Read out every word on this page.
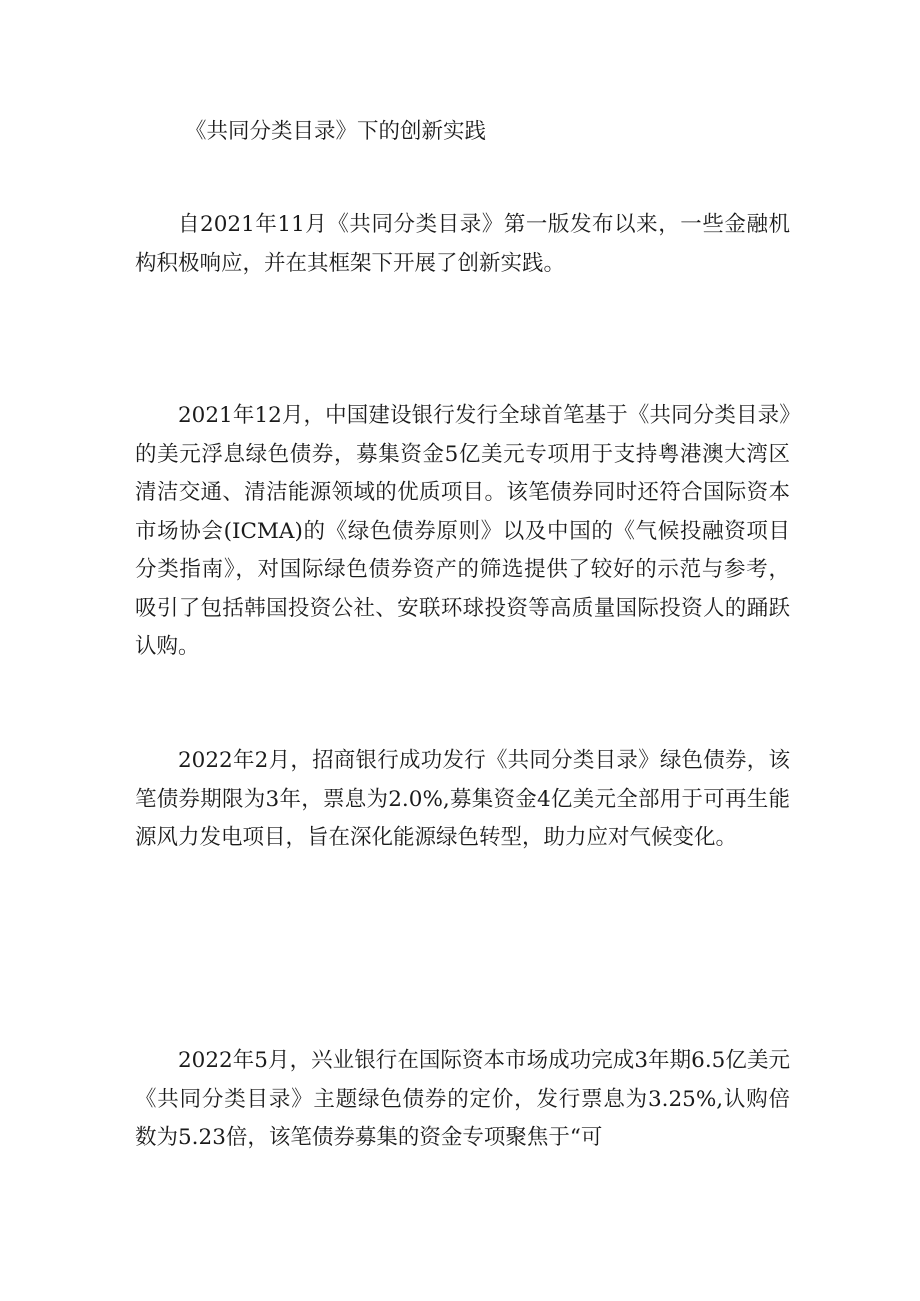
《共同分类目录》下的创新实践

自2021年11月《共同分类目录》第一版发布以来，一些金融机构积极响应，并在其框架下开展了创新实践。

2021年12月，中国建设银行发行全球首笔基于《共同分类目录》的美元浮息绿色债券，募集资金5亿美元专项用于支持粤港澳大湾区清洁交通、清洁能源领域的优质项目。该笔债券同时还符合国际资本市场协会(ICMA)的《绿色债券原则》以及中国的《气候投融资项目分类指南》，对国际绿色债券资产的筛选提供了较好的示范与参考，吸引了包括韩国投资公社、安联环球投资等高质量国际投资人的踊跃认购。

2022年2月，招商银行成功发行《共同分类目录》绿色债券，该笔债券期限为3年，票息为2.0%,募集资金4亿美元全部用于可再生能源风力发电项目，旨在深化能源绿色转型，助力应对气候变化。

2022年5月，兴业银行在国际资本市场成功完成3年期6.5亿美元《共同分类目录》主题绿色债券的定价，发行票息为3.25%,认购倍数为5.23倍，该笔债券募集的资金专项聚焦于“可
